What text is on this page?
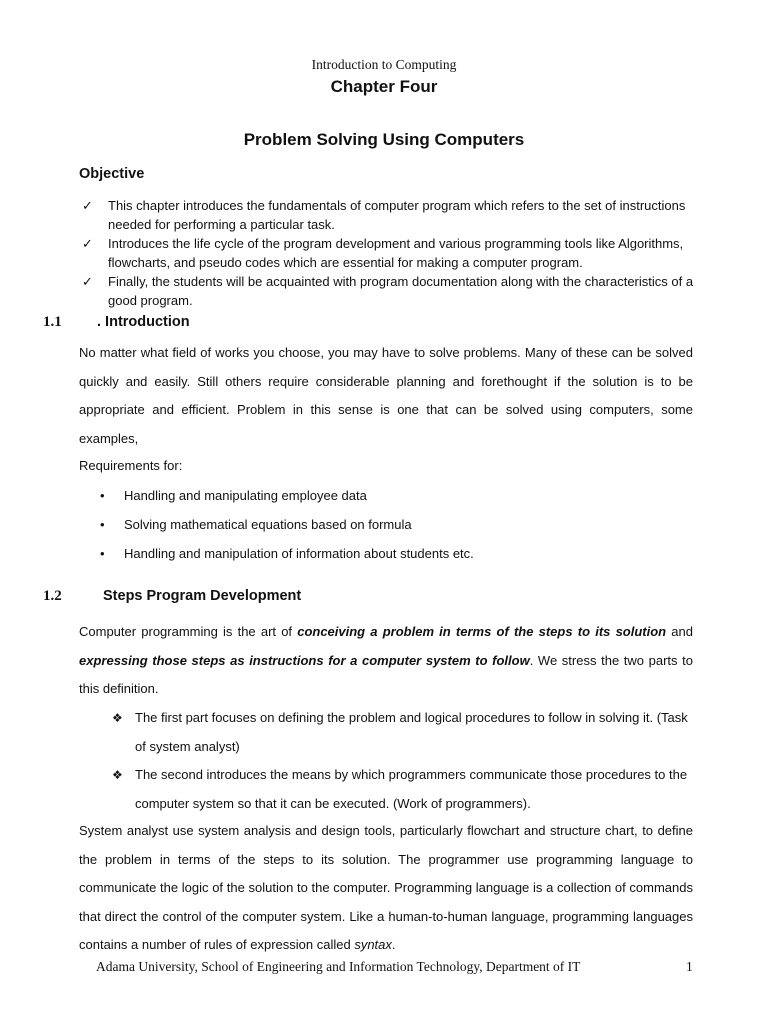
Introduction to Computing
Chapter Four
Problem Solving Using Computers
Objective
✓ This chapter introduces the fundamentals of computer program which refers to the set of instructions needed for performing a particular task.
✓ Introduces the life cycle of the program development and various programming tools like Algorithms, flowcharts, and pseudo codes which are essential for making a computer program.
✓ Finally, the students will be acquainted with program documentation along with the characteristics of a good program.
1.1 . Introduction
No matter what field of works you choose, you may have to solve problems. Many of these can be solved quickly and easily. Still others require considerable planning and forethought if the solution is to be appropriate and efficient. Problem in this sense is one that can be solved using computers, some examples,
Requirements for:
• Handling and manipulating employee data
• Solving mathematical equations based on formula
• Handling and manipulation of information about students etc.
1.2	Steps Program Development
Computer programming is the art of conceiving a problem in terms of the steps to its solution and expressing those steps as instructions for a computer system to follow. We stress the two parts to this definition.
❖ The first part focuses on defining the problem and logical procedures to follow in solving it. (Task of system analyst)
❖ The second introduces the means by which programmers communicate those procedures to the computer system so that it can be executed. (Work of programmers).
System analyst use system analysis and design tools, particularly flowchart and structure chart, to define the problem in terms of the steps to its solution. The programmer use programming language to communicate the logic of the solution to the computer. Programming language is a collection of commands that direct the control of the computer system. Like a human-to-human language, programming languages contains a number of rules of expression called syntax.
Adama University, School of Engineering and Information Technology, Department of IT	1
